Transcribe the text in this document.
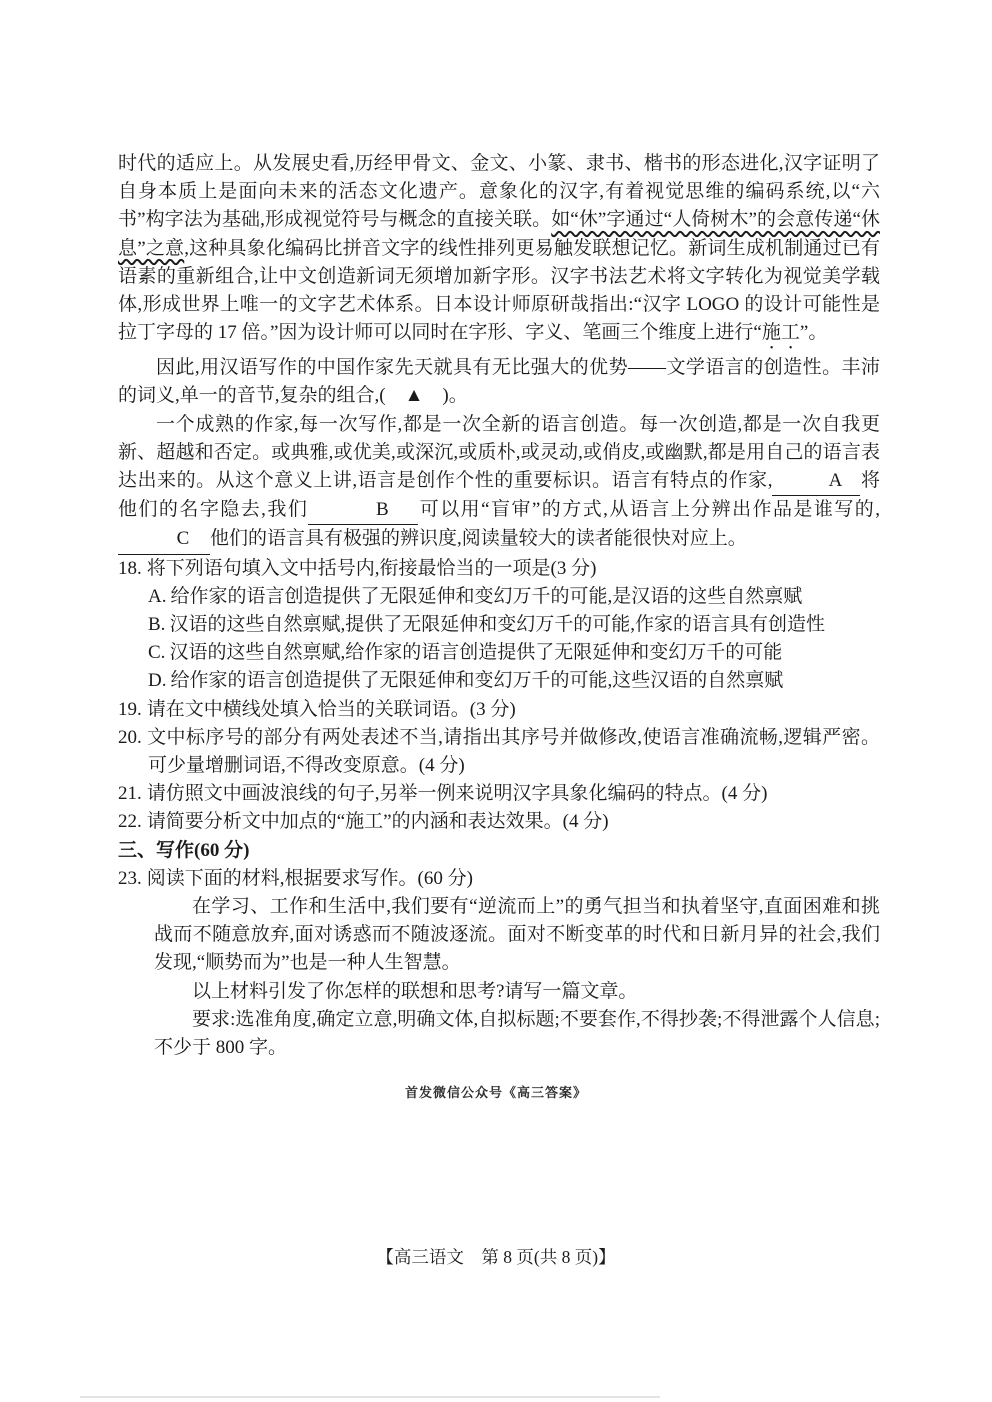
时代的适应上。从发展史看,历经甲骨文、金文、小篆、隶书、楷书的形态进化,汉字证明了自身本质上是面向未来的活态文化遗产。意象化的汉字,有着视觉思维的编码系统,以“六书”构字法为基础,形成视觉符号与概念的直接关联。如“休”字通过“人倚树木”的会意传递“休息”之意,这种具象化编码比拼音文字的线性排列更易触发联想记忆。新词生成机制通过已有语素的重新组合,让中文创造新词无须增加新字形。汉字书法艺术将文字转化为视觉美学载体,形成世界上唯一的文字艺术体系。日本设计师原研哉指出:“汉字 LOGO 的设计可能性是拉丁字母的 17 倍。”因为设计师可以同时在字形、字义、笔画三个维度上进行“施工”。

因此,用汉语写作的中国作家先天就具有无比强大的优势——文学语言的创造性。丰沛的词义,单一的音节,复杂的组合,(　▲　)。

一个成熟的作家,每一次写作,都是一次全新的语言创造。每一次创造,都是一次自我更新、超越和否定。或典雅,或优美,或深沉,或质朴,或灵动,或俏皮,或幽默,都是用自己的语言表达出来的。从这个意义上讲,语言是创作个性的重要标识。语言有特点的作家,	A 将他们的名字隐去,我们	B 可以用“盲审”的方式,从语言上分辨出作品是谁写的,C 他们的语言具有极强的辨识度,阅读量较大的读者能很快对应上。

18. 将下列语句填入文中括号内,衔接最恰当的一项是(3 分)
A. 给作家的语言创造提供了无限延伸和变幻万千的可能,是汉语的这些自然禀赋
B. 汉语的这些自然禀赋,提供了无限延伸和变幻万千的可能,作家的语言具有创造性
C. 汉语的这些自然禀赋,给作家的语言创造提供了无限延伸和变幻万千的可能
D. 给作家的语言创造提供了无限延伸和变幻万千的可能,这些汉语的自然禀赋
19. 请在文中横线处填入恰当的关联词语。(3 分)
20. 文中标序号的部分有两处表述不当,请指出其序号并做修改,使语言准确流畅,逻辑严密。可少量增删词语,不得改变原意。(4 分)
21. 请仿照文中画波浪线的句子,另举一例来说明汉字具象化编码的特点。(4 分)
22. 请简要分析文中加点的“施工”的内涵和表达效果。(4 分)

三、写作(60 分)

23. 阅读下面的材料,根据要求写作。(60 分)

在学习、工作和生活中,我们要有“逆流而上”的勇气担当和执着坚守,直面困难和挑战而不随意放弃,面对诱惑而不随波逐流。面对不断变革的时代和日新月异的社会,我们发现,“顺势而为”也是一种人生智慧。

以上材料引发了你怎样的联想和思考?请写一篇文章。

要求:选准角度,确定立意,明确文体,自拟标题;不要套作,不得抄袭;不得泄露个人信息;不少于 800 字。

首发微信公众号《高三答案》
【高三语文　第 8 页(共 8 页)】
